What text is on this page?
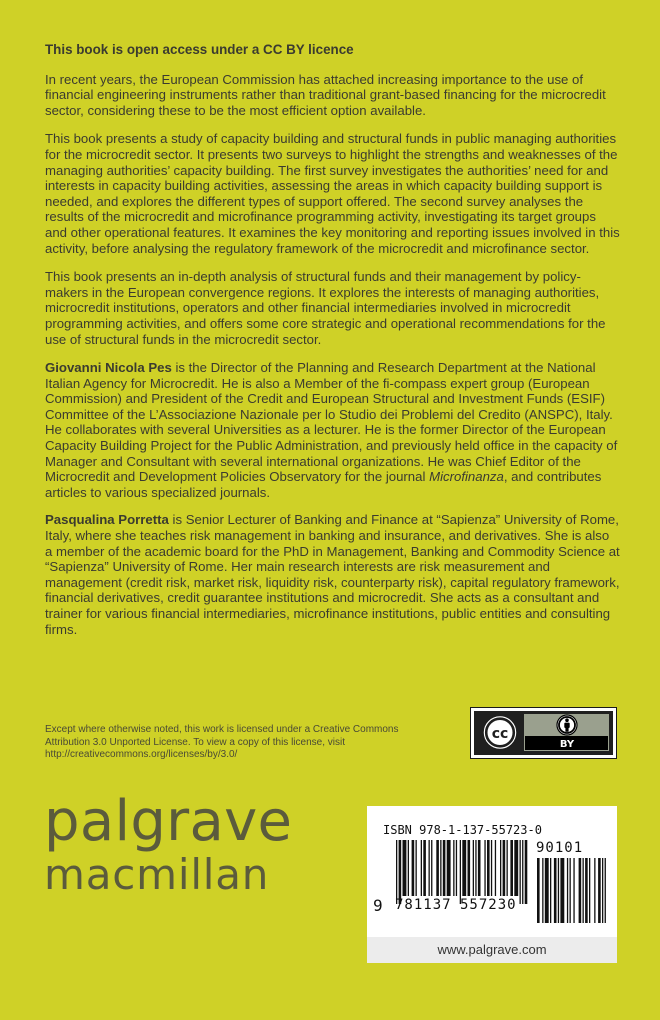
This book is open access under a CC BY licence

In recent years, the European Commission has attached increasing importance to the use of financial engineering instruments rather than traditional grant-based financing for the microcredit sector, considering these to be the most efficient option available.

This book presents a study of capacity building and structural funds in public managing authorities for the microcredit sector. It presents two surveys to highlight the strengths and weaknesses of the managing authorities’ capacity building. The first survey investigates the authorities’ need for and interests in capacity building activities, assessing the areas in which capacity building support is needed, and explores the different types of support offered. The second survey analyses the results of the microcredit and microfinance programming activity, investigating its target groups and other operational features. It examines the key monitoring and reporting issues involved in this activity, before analysing the regulatory framework of the microcredit and microfinance sector.

This book presents an in-depth analysis of structural funds and their management by policy-makers in the European convergence regions. It explores the interests of managing authorities, microcredit institutions, operators and other financial intermediaries involved in microcredit programming activities, and offers some core strategic and operational recommendations for the use of structural funds in the microcredit sector.

Giovanni Nicola Pes is the Director of the Planning and Research Department at the National Italian Agency for Microcredit. He is also a Member of the fi-compass expert group (European Commission) and President of the Credit and European Structural and Investment Funds (ESIF) Committee of the L’Associazione Nazionale per lo Studio dei Problemi del Credito (ANSPC), Italy. He collaborates with several Universities as a lecturer. He is the former Director of the European Capacity Building Project for the Public Administration, and previously held office in the capacity of Manager and Consultant with several international organizations. He was Chief Editor of the Microcredit and Development Policies Observatory for the journal Microfinanza, and contributes articles to various specialized journals.

Pasqualina Porretta is Senior Lecturer of Banking and Finance at “Sapienza” University of Rome, Italy, where she teaches risk management in banking and insurance, and derivatives. She is also a member of the academic board for the PhD in Management, Banking and Commodity Science at “Sapienza” University of Rome. Her main research interests are risk measurement and management (credit risk, market risk, liquidity risk, counterparty risk), capital regulatory framework, financial derivatives, credit guarantee institutions and microcredit. She acts as a consultant and trainer for various financial intermediaries, microfinance institutions, public entities and consulting firms.

Except where otherwise noted, this work is licensed under a Creative Commons Attribution 3.0 Unported License. To view a copy of this license, visit http://creativecommons.org/licenses/by/3.0/
cc
BY
palgrave
macmillan
ISBN 978-1-137-55723-0
9 781137 557230
90101
www.palgrave.com
